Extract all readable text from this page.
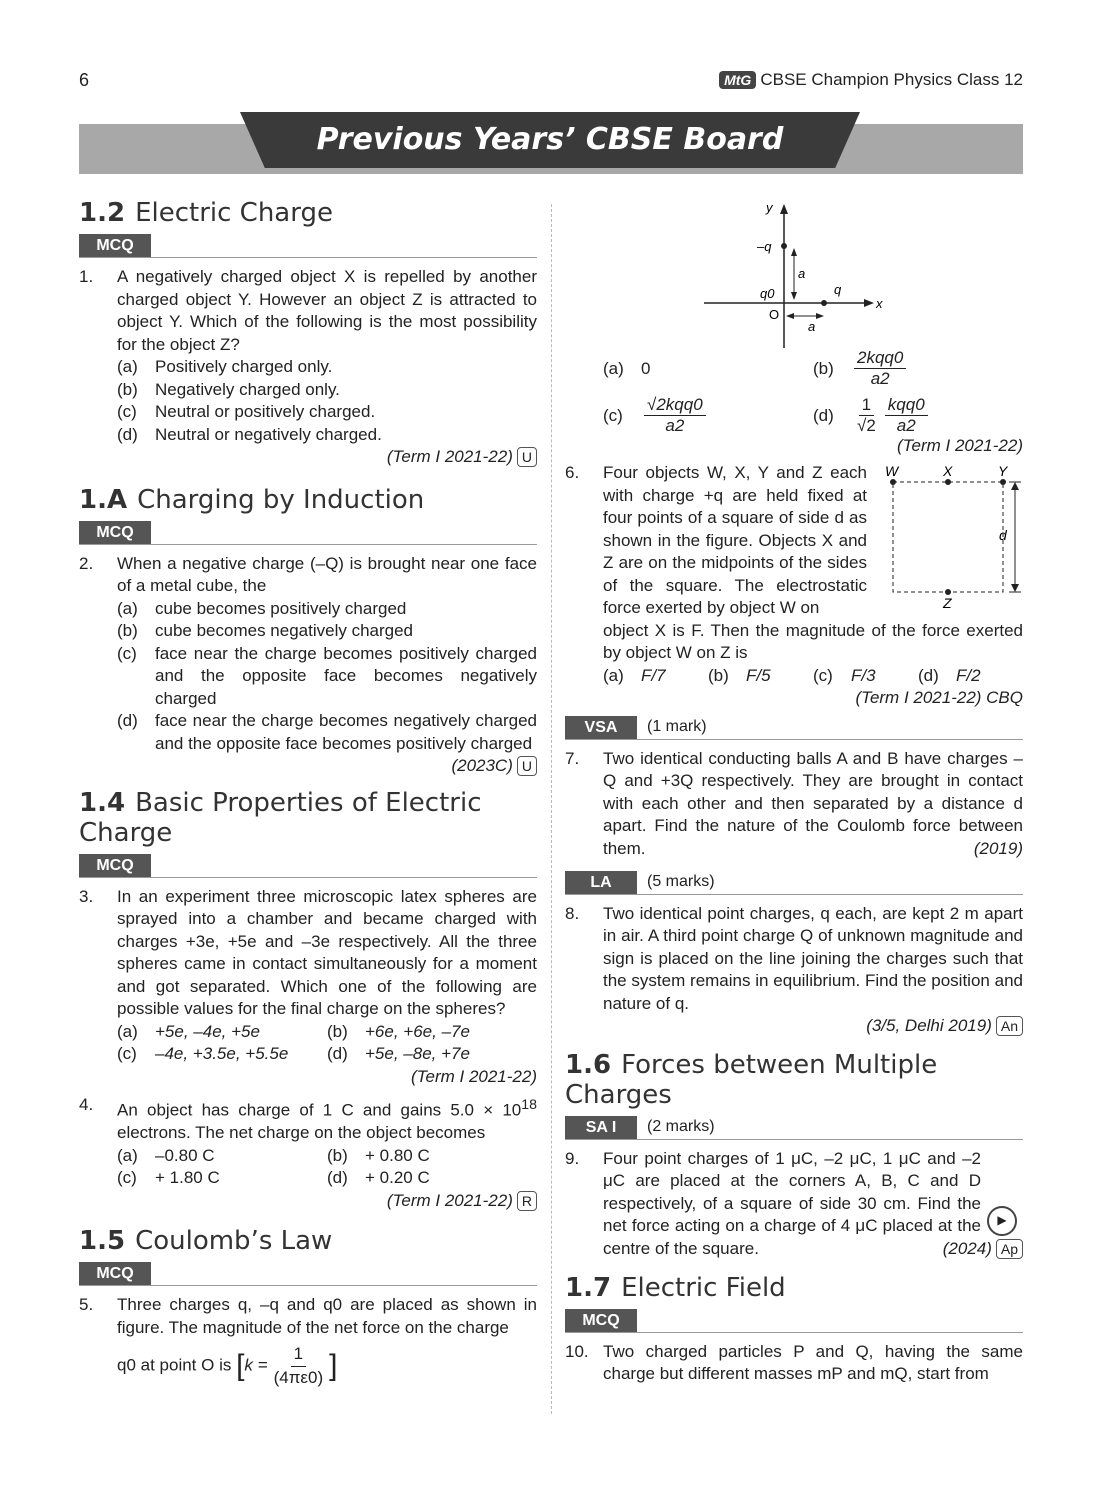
6	MtG CBSE Champion Physics Class 12
Previous Years’ CBSE Board Questions
1.2 Electric Charge
MCQ
1.	A negatively charged object X is repelled by another charged object Y. However an object Z is attracted to object Y. Which of the following is the most possibility for the object Z?
(a)	Positively charged only.
(b)	Negatively charged only.
(c)	Neutral or positively charged.
(d)	Neutral or negatively charged.
(Term I 2021-22) U
1.A Charging by Induction
MCQ
2.	When a negative charge (–Q) is brought near one face of a metal cube, the
(a)	cube becomes positively charged
(b)	cube becomes negatively charged
(c)	face near the charge becomes positively charged and the opposite face becomes negatively charged
(d)	face near the charge becomes negatively charged and the opposite face becomes positively charged
(2023C) U
1.4 Basic Properties of Electric Charge
MCQ
3.	In an experiment three microscopic latex spheres are sprayed into a chamber and became charged with charges +3e, +5e and –3e respectively. All the three spheres came in contact simultaneously for a moment and got separated. Which one of the following are possible values for the final charge on the spheres?
(a)	+5e, –4e, +5e	(b)	+6e, +6e, –7e
(c)	–4e, +3.5e, +5.5e (d)	+5e, –8e, +7e
(Term I 2021-22)
4.	An object has charge of 1 C and gains $5.0 \times 10^{18}$ electrons. The net charge on the object becomes
(a)	–0.80 C	(b)	+ 0.80 C
(c)	+ 1.80 C	(d)	+ 0.20 C
(Term I 2021-22) R
1.5 Coulomb’s Law
MCQ
5.	Three charges q, –q and q0 are placed as shown in figure. The magnitude of the net force on the charge
q0 at point O is [$k = \frac{1}{(4\pi\varepsilon 0)}$ ]
y
x
–q
q0	q
O
a
a
(a)	0	(b)	$\frac{\text{2kqq0}}{a2}$
(c)	$\frac{\text{√2kqq0}}{a2}$	(d)	$\frac{1}{√2} \frac{\text{kqq0}}{a2}$
(Term I 2021-22)
6.	Four objects W, X, Y and Z each with charge +q are held fixed at four points of a square of side d as shown in the figure. Objects X and Z are on the midpoints of the sides of the square. The electrostatic force exerted by object W on
W	X	Y
Z
d
object X is F. Then the magnitude of the force exerted by object W on Z is
(a)	F/7 (b)	F/5 (c)	F/3 (d)	F/2
(Term I 2021-22) CBQ
VSA	(1 mark)
7.	Two identical conducting balls A and B have charges –Q and +3Q respectively. They are brought in contact with each other and then separated by a distance d apart. Find the nature of the Coulomb force between them.	(2019)
LA	(5 marks)
8.	Two identical point charges, q each, are kept 2 m apart in air. A third point charge Q of unknown magnitude and sign is placed on the line joining the charges such that the system remains in equilibrium. Find the position and nature of q.
(3/5, Delhi 2019) An
1.6 Forces between Multiple Charges
SA I	(2 marks)
9.	Four point charges of 1 μC, –2 μC, 1 μC and –2 μC are placed at the corners A, B, C and D respectively, of a square of side 30 cm. Find the net force acting on a charge of 4 μC placed at the centre of the square.
▶
(2024) Ap
1.7 Electric Field
MCQ
10. Two charged particles P and Q, having the same charge but different masses mP and mQ, start from
